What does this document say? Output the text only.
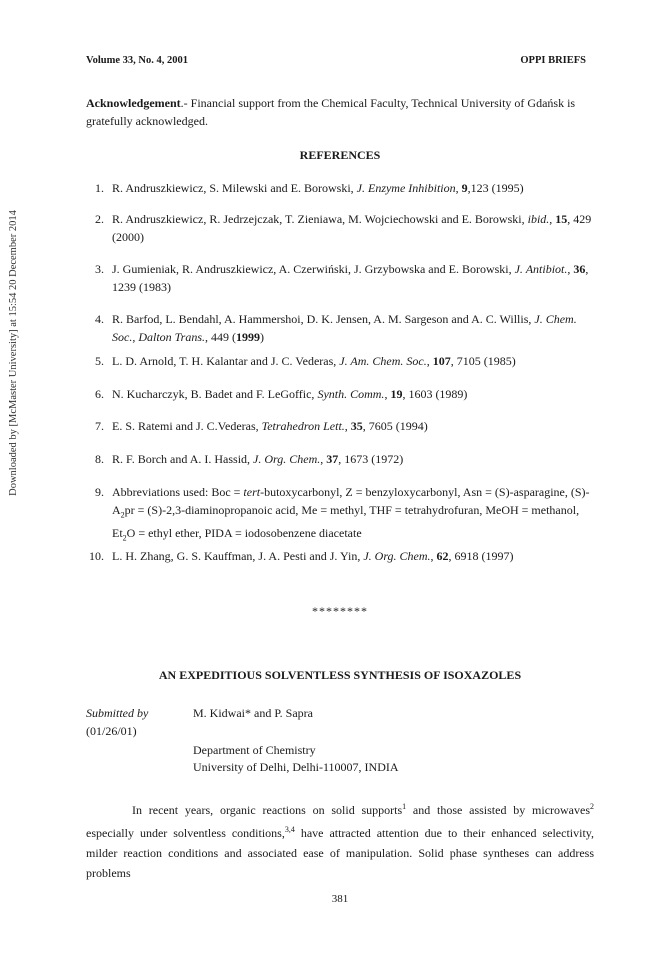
Volume 33, No. 4, 2001	OPPI BRIEFS
Downloaded by [McMaster University] at 15:54 20 December 2014
Acknowledgement.- Financial support from the Chemical Faculty, Technical University of Gdańsk is gratefully acknowledged.
REFERENCES
1. R. Andruszkiewicz, S. Milewski and E. Borowski, J. Enzyme Inhibition, 9,123 (1995)
2. R. Andruszkiewicz, R. Jedrzejczak, T. Zieniawa, M. Wojciechowski and E. Borowski, ibid., 15, 429 (2000)
3. J. Gumieniak, R. Andruszkiewicz, A. Czerwiński, J. Grzybowska and E. Borowski, J. Antibiot., 36, 1239 (1983)
4. R. Barfod, L. Bendahl, A. Hammershoi, D. K. Jensen, A. M. Sargeson and A. C. Willis, J. Chem. Soc., Dalton Trans., 449 (1999)
5. L. D. Arnold, T. H. Kalantar and J. C. Vederas, J. Am. Chem. Soc., 107, 7105 (1985)
6. N. Kucharczyk, B. Badet and F. LeGoffic, Synth. Comm., 19, 1603 (1989)
7. E. S. Ratemi and J. C.Vederas, Tetrahedron Lett., 35, 7605 (1994)
8. R. F. Borch and A. I. Hassid, J. Org. Chem., 37, 1673 (1972)
9. Abbreviations used: Boc = tert-butoxycarbonyl, Z = benzyloxycarbonyl, Asn = (S)-asparagine, $(S)-A_2pr$ = (S)-2,3-diaminopropanoic acid, Me = methyl, THF = tetrahydrofuran, MeOH = methanol, $Et_2O$ = ethyl ether, PIDA = iodosobenzene diacetate
10. L. H. Zhang, G. S. Kauffman, J. A. Pesti and J. Yin, J. Org. Chem., 62, 6918 (1997)
********
AN EXPEDITIOUS SOLVENTLESS SYNTHESIS OF ISOXAZOLES
Submitted by
(01/26/01)
M. Kidwai* and P. Sapra
Department of Chemistry
University of Delhi, Delhi-110007, INDIA
In recent years, organic reactions on solid supports$^1$ and those assisted by microwaves$^2$ especially under solventless conditions,$^{3,4}$ have attracted attention due to their enhanced selectivity, milder reaction conditions and associated ease of manipulation. Solid phase syntheses can address problems
381
